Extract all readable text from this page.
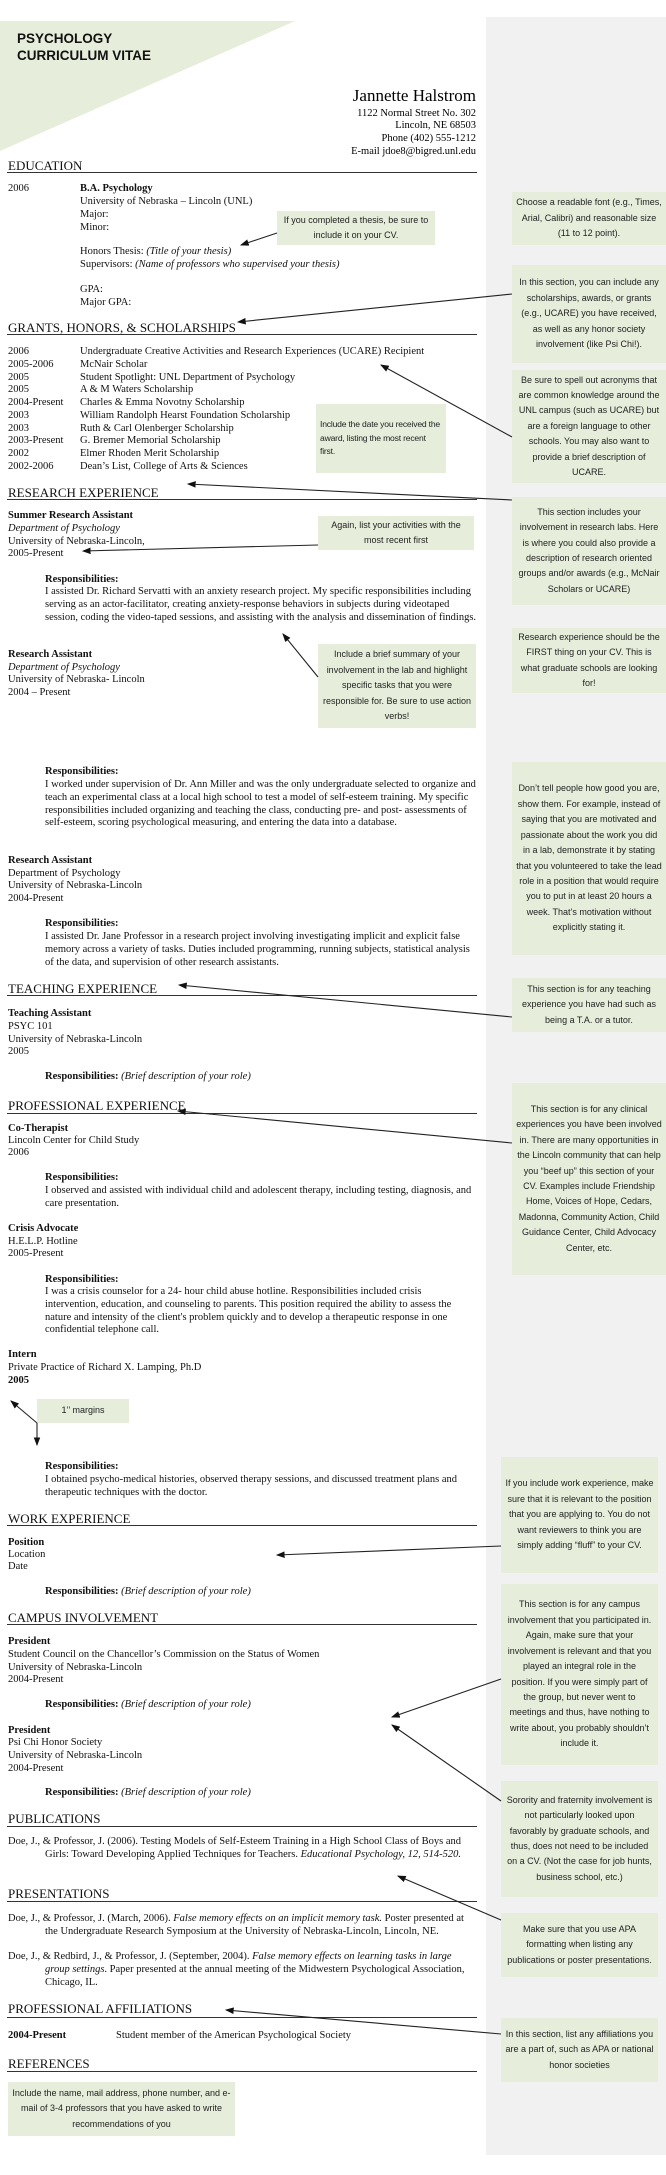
PSYCHOLOGY
CURRICULUM VITAE
Jannette Halstrom
1122 Normal Street No. 302
Lincoln, NE 68503
Phone (402) 555-1212
E-mail jdoe8@bigred.unl.edu
EDUCATION
2006	B.A. Psychology
University of Nebraska – Lincoln (UNL)
Major:
Minor:
Honors Thesis: (Title of your thesis)
Supervisors: (Name of professors who supervised your thesis)
GPA:
Major GPA:
GRANTS, HONORS, & SCHOLARSHIPS
2006	Undergraduate Creative Activities and Research Experiences (UCARE) Recipient
2005-2006	McNair Scholar
2005	Student Spotlight: UNL Department of Psychology
2005	A & M Waters Scholarship
2004-Present Charles & Emma Novotny Scholarship
2003	William Randolph Hearst Foundation Scholarship
2003	Ruth & Carl Olenberger Scholarship
2003-Present G. Bremer Memorial Scholarship
2002	Elmer Rhoden Merit Scholarship
2002-2006	Dean’s List, College of Arts & Sciences
RESEARCH EXPERIENCE
Summer Research Assistant
Department of Psychology
University of Nebraska-Lincoln,
2005-Present
Responsibilities:
I assisted Dr. Richard Servatti with an anxiety research project. My specific responsibilities including serving as an actor-facilitator, creating anxiety-response behaviors in subjects during videotaped session, coding the video-taped sessions, and assisting with the analysis and dissemination of findings.
Research Assistant
Department of Psychology
University of Nebraska- Lincoln
2004 – Present
Responsibilities:
I worked under supervision of Dr. Ann Miller and was the only undergraduate selected to organize and teach an experimental class at a local high school to test a model of self-esteem training. My specific responsibilities included organizing and teaching the class, conducting pre- and post- assessments of self-esteem, scoring psychological measuring, and entering the data into a database.
Research Assistant
Department of Psychology
University of Nebraska-Lincoln
2004-Present
Responsibilities:
I assisted Dr. Jane Professor in a research project involving investigating implicit and explicit false memory across a variety of tasks. Duties included programming, running subjects, statistical analysis of the data, and supervision of other research assistants.
TEACHING EXPERIENCE
Teaching Assistant
PSYC 101
University of Nebraska-Lincoln
2005
Responsibilities: (Brief description of your role)
PROFESSIONAL EXPERIENCE
Co-Therapist
Lincoln Center for Child Study
2006
Responsibilities:
I observed and assisted with individual child and adolescent therapy, including testing, diagnosis, and care presentation.
Crisis Advocate
H.E.L.P. Hotline
2005-Present
Responsibilities:
I was a crisis counselor for a 24- hour child abuse hotline. Responsibilities included crisis intervention, education, and counseling to parents. This position required the ability to assess the nature and intensity of the client's problem quickly and to develop a therapeutic response in one confidential telephone call.
Intern
Private Practice of Richard X. Lamping, Ph.D
2005
Responsibilities:
I obtained psycho-medical histories, observed therapy sessions, and discussed treatment plans and therapeutic techniques with the doctor.
WORK EXPERIENCE
Position
Location
Date
Responsibilities: (Brief description of your role)
CAMPUS INVOLVEMENT
President
Student Council on the Chancellor’s Commission on the Status of Women
University of Nebraska-Lincoln
2004-Present
Responsibilities: (Brief description of your role)
President
Psi Chi Honor Society
University of Nebraska-Lincoln
2004-Present
Responsibilities: (Brief description of your role)
PUBLICATIONS
Doe, J., & Professor, J. (2006). Testing Models of Self-Esteem Training in a High School Class of Boys and Girls: Toward Developing Applied Techniques for Teachers. Educational Psychology, 12, 514-520.
PRESENTATIONS
Doe, J., & Professor, J. (March, 2006). False memory effects on an implicit memory task. Poster presented at the Undergraduate Research Symposium at the University of Nebraska-Lincoln, Lincoln, NE.
Doe, J., & Redbird, J., & Professor, J. (September, 2004). False memory effects on learning tasks in large group settings. Paper presented at the annual meeting of the Midwestern Psychological Association, Chicago, IL.
PROFESSIONAL AFFILIATIONS
2004-Present	Student member of the American Psychological Society
REFERENCES
If you completed a thesis, be sure to include it on your CV.
Choose a readable font (e.g., Times, Arial, Calibri) and reasonable size (11 to 12 point).
In this section, you can include any scholarships, awards, or grants (e.g., UCARE) you have received, as well as any honor society involvement (like Psi Chi!).
Be sure to spell out acronyms that are common knowledge around the UNL campus (such as UCARE) but are a foreign language to other schools. You may also want to provide a brief description of UCARE.
Include the date you received the award, listing the most recent first.
This section includes your involvement in research labs. Here is where you could also provide a description of research oriented groups and/or awards (e.g., McNair Scholars or UCARE)
Again, list your activities with the most recent first
Research experience should be the FIRST thing on your CV. This is what graduate schools are looking for!
Include a brief summary of your involvement in the lab and highlight specific tasks that you were responsible for. Be sure to use action verbs!
Don’t tell people how good you are, show them. For example, instead of saying that you are motivated and passionate about the work you did in a lab, demonstrate it by stating that you volunteered to take the lead role in a position that would require you to put in at least 20 hours a week. That’s motivation without explicitly stating it.
This section is for any teaching experience you have had such as being a T.A. or a tutor.
This section is for any clinical experiences you have been involved in. There are many opportunities in the Lincoln community that can help you “beef up” this section of your CV. Examples include Friendship Home, Voices of Hope, Cedars, Madonna, Community Action, Child Guidance Center, Child Advocacy Center, etc.
1’’ margins
If you include work experience, make sure that it is relevant to the position that you are applying to. You do not want reviewers to think you are simply adding “fluff” to your CV.
This section is for any campus involvement that you participated in. Again, make sure that your involvement is relevant and that you played an integral role in the position. If you were simply part of the group, but never went to meetings and thus, have nothing to write about, you probably shouldn’t include it.
Sorority and fraternity involvement is not particularly looked upon favorably by graduate schools, and thus, does not need to be included on a CV. (Not the case for job hunts, business school, etc.)
Make sure that you use APA formatting when listing any publications or poster presentations.
In this section, list any affiliations you are a part of, such as APA or national honor societies
Include the name, mail address, phone number, and e-mail of 3-4 professors that you have asked to write recommendations of you
